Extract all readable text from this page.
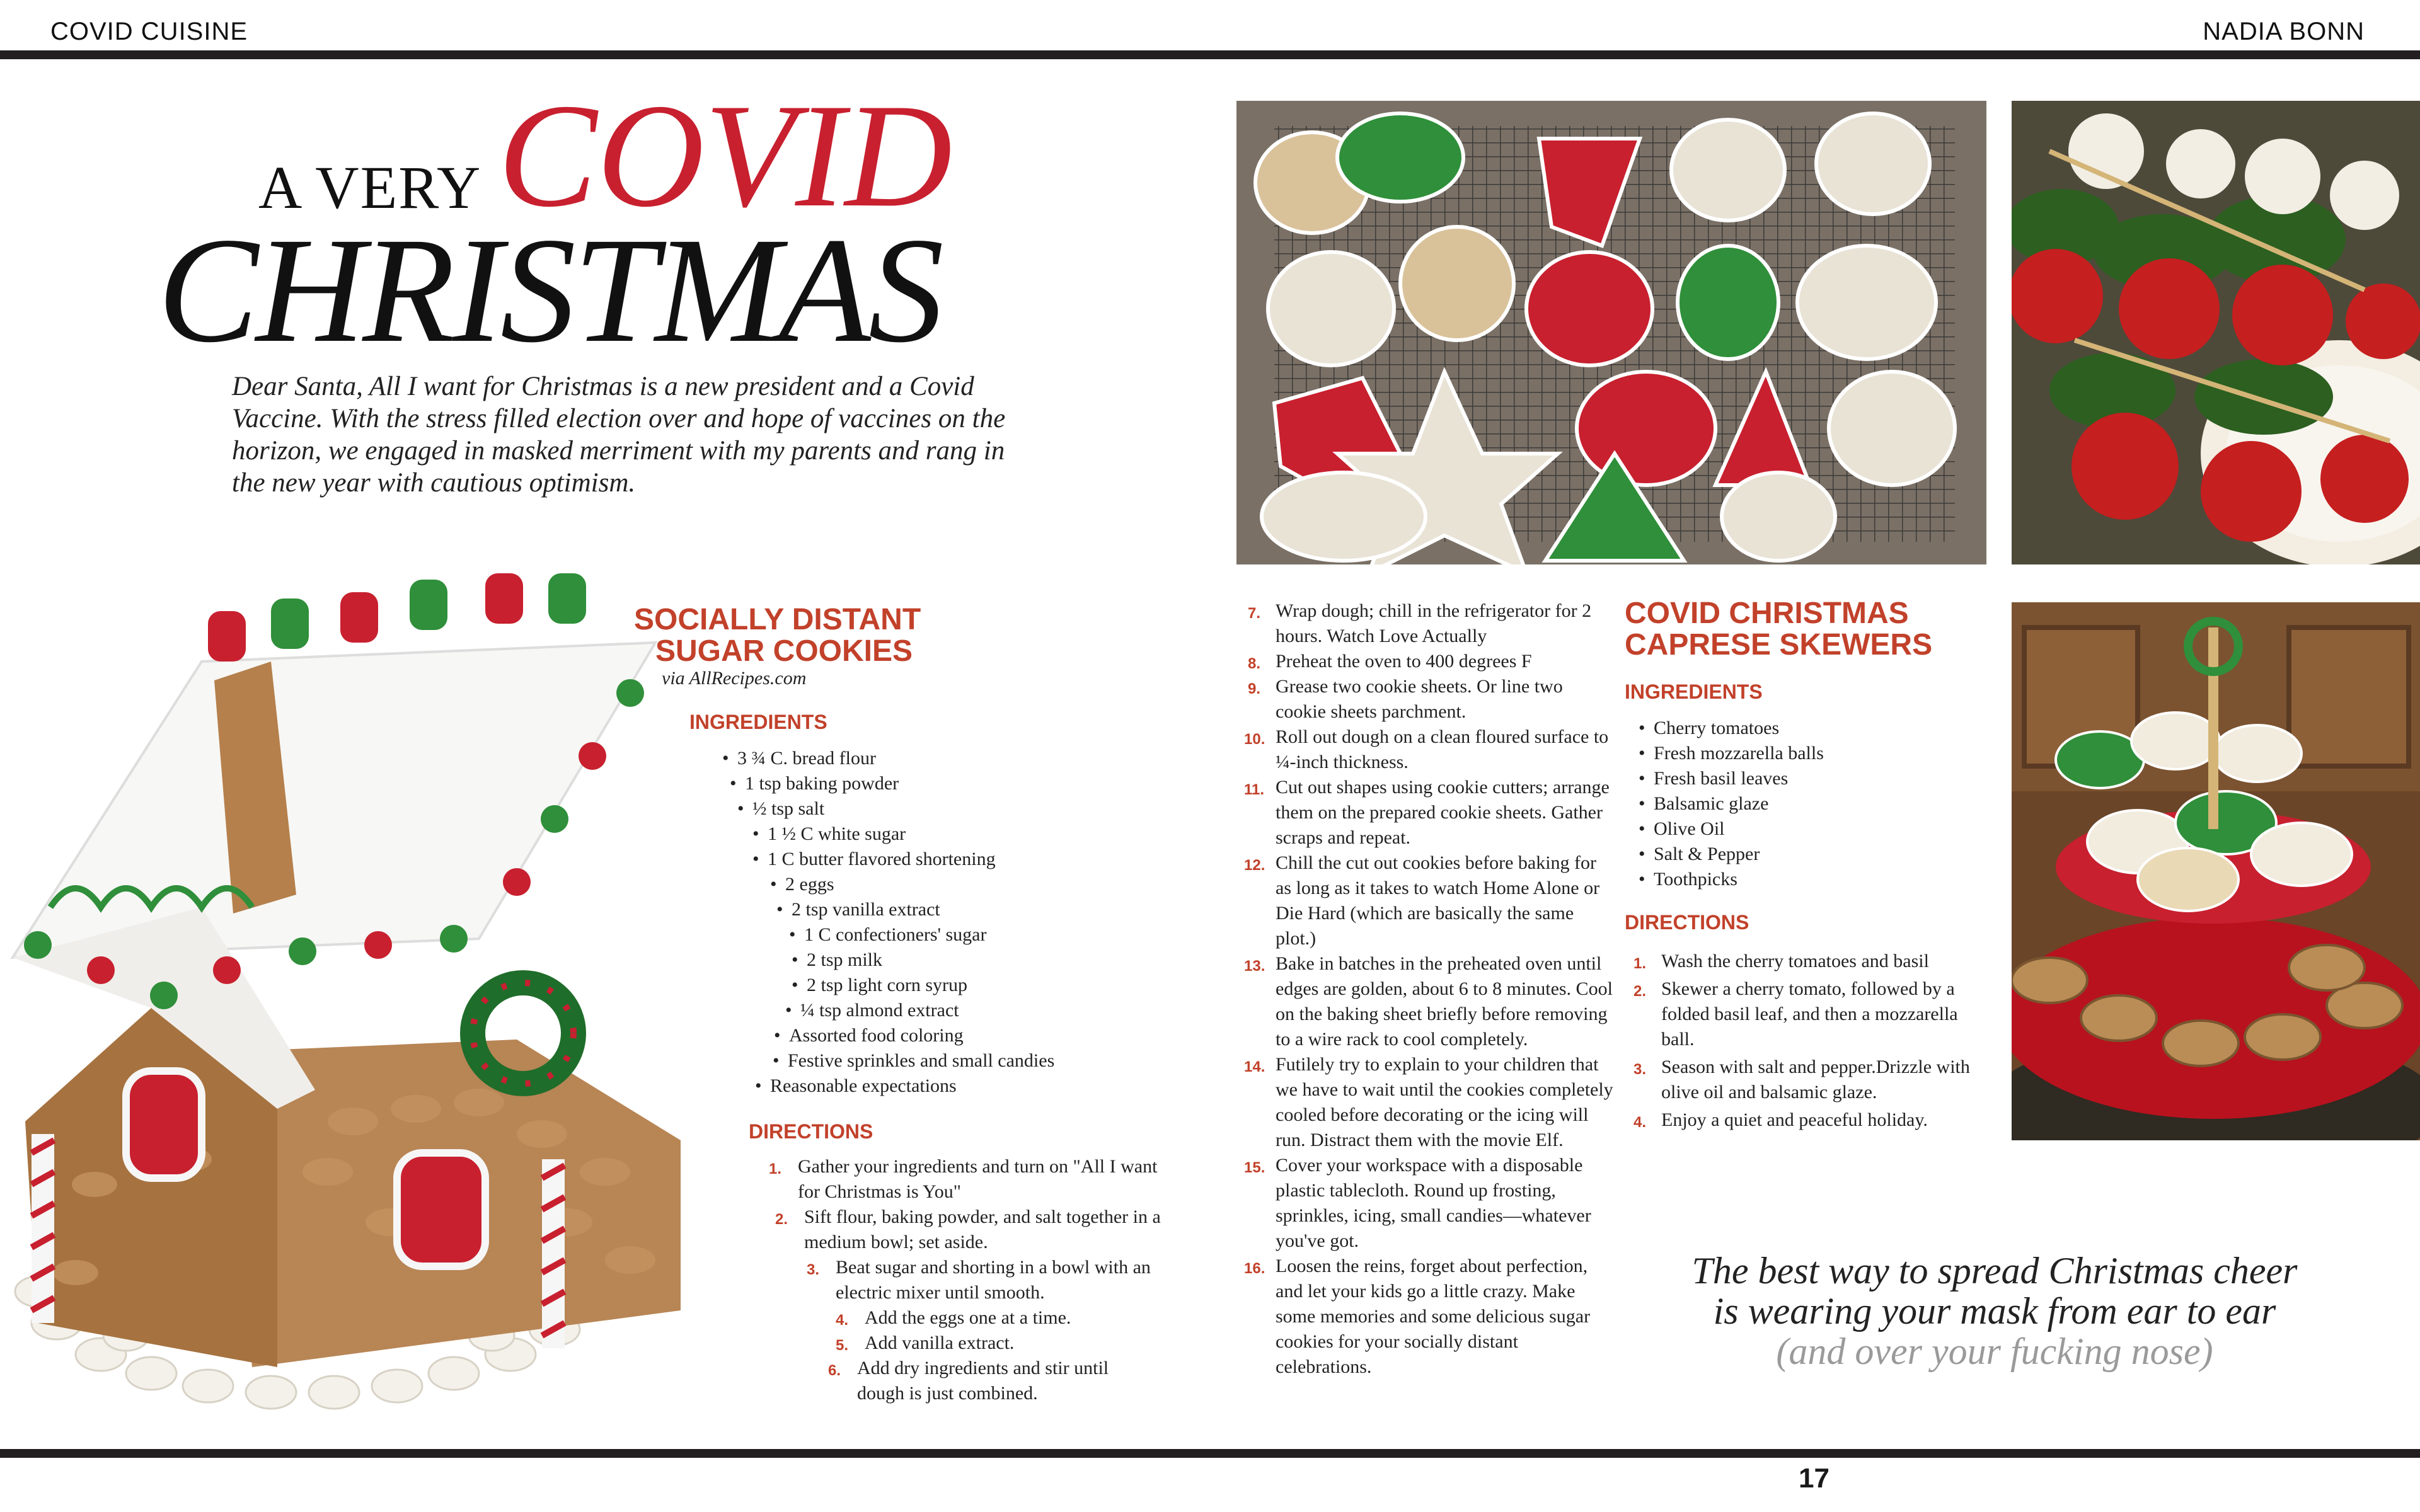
COVID CUISINE	NADIA BONN
A VERY COVID
CHRISTMAS
Dear Santa, All I want for Christmas is a new president and a Covid Vaccine. With the stress filled election over and hope of vaccines on the horizon, we engaged in masked merriment with my parents and rang in the new year with cautious optimism.
SOCIALLY DISTANT
SUGAR COOKIES
via AllRecipes.com
INGREDIENTS
• 3 ¾ C. bread flour
• 1 tsp baking powder
• ½ tsp salt
• 1 ½ C white sugar
• 1 C butter flavored shortening
• 2 eggs
• 2 tsp vanilla extract
• 1 C confectioners' sugar
• 2 tsp milk
• 2 tsp light corn syrup
• ¼ tsp almond extract
• Assorted food coloring
• Festive sprinkles and small candies
• Reasonable expectations
DIRECTIONS
1. Gather your ingredients and turn on "All I want for Christmas is You"
2. Sift flour, baking powder, and salt together in a medium bowl; set aside.
3. Beat sugar and shorting in a bowl with an electric mixer until smooth.
4. Add the eggs one at a time.
5. Add vanilla extract.
6. Add dry ingredients and stir until dough is just combined.
7. Wrap dough; chill in the refrigerator for 2 hours. Watch Love Actually
8. Preheat the oven to 400 degrees F
9. Grease two cookie sheets. Or line two cookie sheets parchment.
10. Roll out dough on a clean floured surface to ¼-inch thickness.
11. Cut out shapes using cookie cutters; arrange them on the prepared cookie sheets. Gather scraps and repeat.
12. Chill the cut out cookies before baking for as long as it takes to watch Home Alone or Die Hard (which are basically the same plot.)
13. Bake in batches in the preheated oven until edges are golden, about 6 to 8 minutes. Cool on the baking sheet briefly before removing to a wire rack to cool completely.
14. Futilely try to explain to your children that we have to wait until the cookies completely cooled before decorating or the icing will run. Distract them with the movie Elf.
15. Cover your workspace with a disposable plastic tablecloth. Round up frosting, sprinkles, icing, small candies—whatever you've got.
16. Loosen the reins, forget about perfection, and let your kids go a little crazy. Make some memories and some delicious sugar cookies for your socially distant celebrations.
COVID CHRISTMAS
CAPRESE SKEWERS
INGREDIENTS
• Cherry tomatoes
• Fresh mozzarella balls
• Fresh basil leaves
• Balsamic glaze
• Olive Oil
• Salt & Pepper
• Toothpicks
DIRECTIONS
1. Wash the cherry tomatoes and basil
2. Skewer a cherry tomato, followed by a folded basil leaf, and then a mozzarella ball.
3. Season with salt and pepper.Drizzle with olive oil and balsamic glaze.
4. Enjoy a quiet and peaceful holiday.
The best way to spread Christmas cheer
is wearing your mask from ear to ear
(and over your fucking nose)
17
